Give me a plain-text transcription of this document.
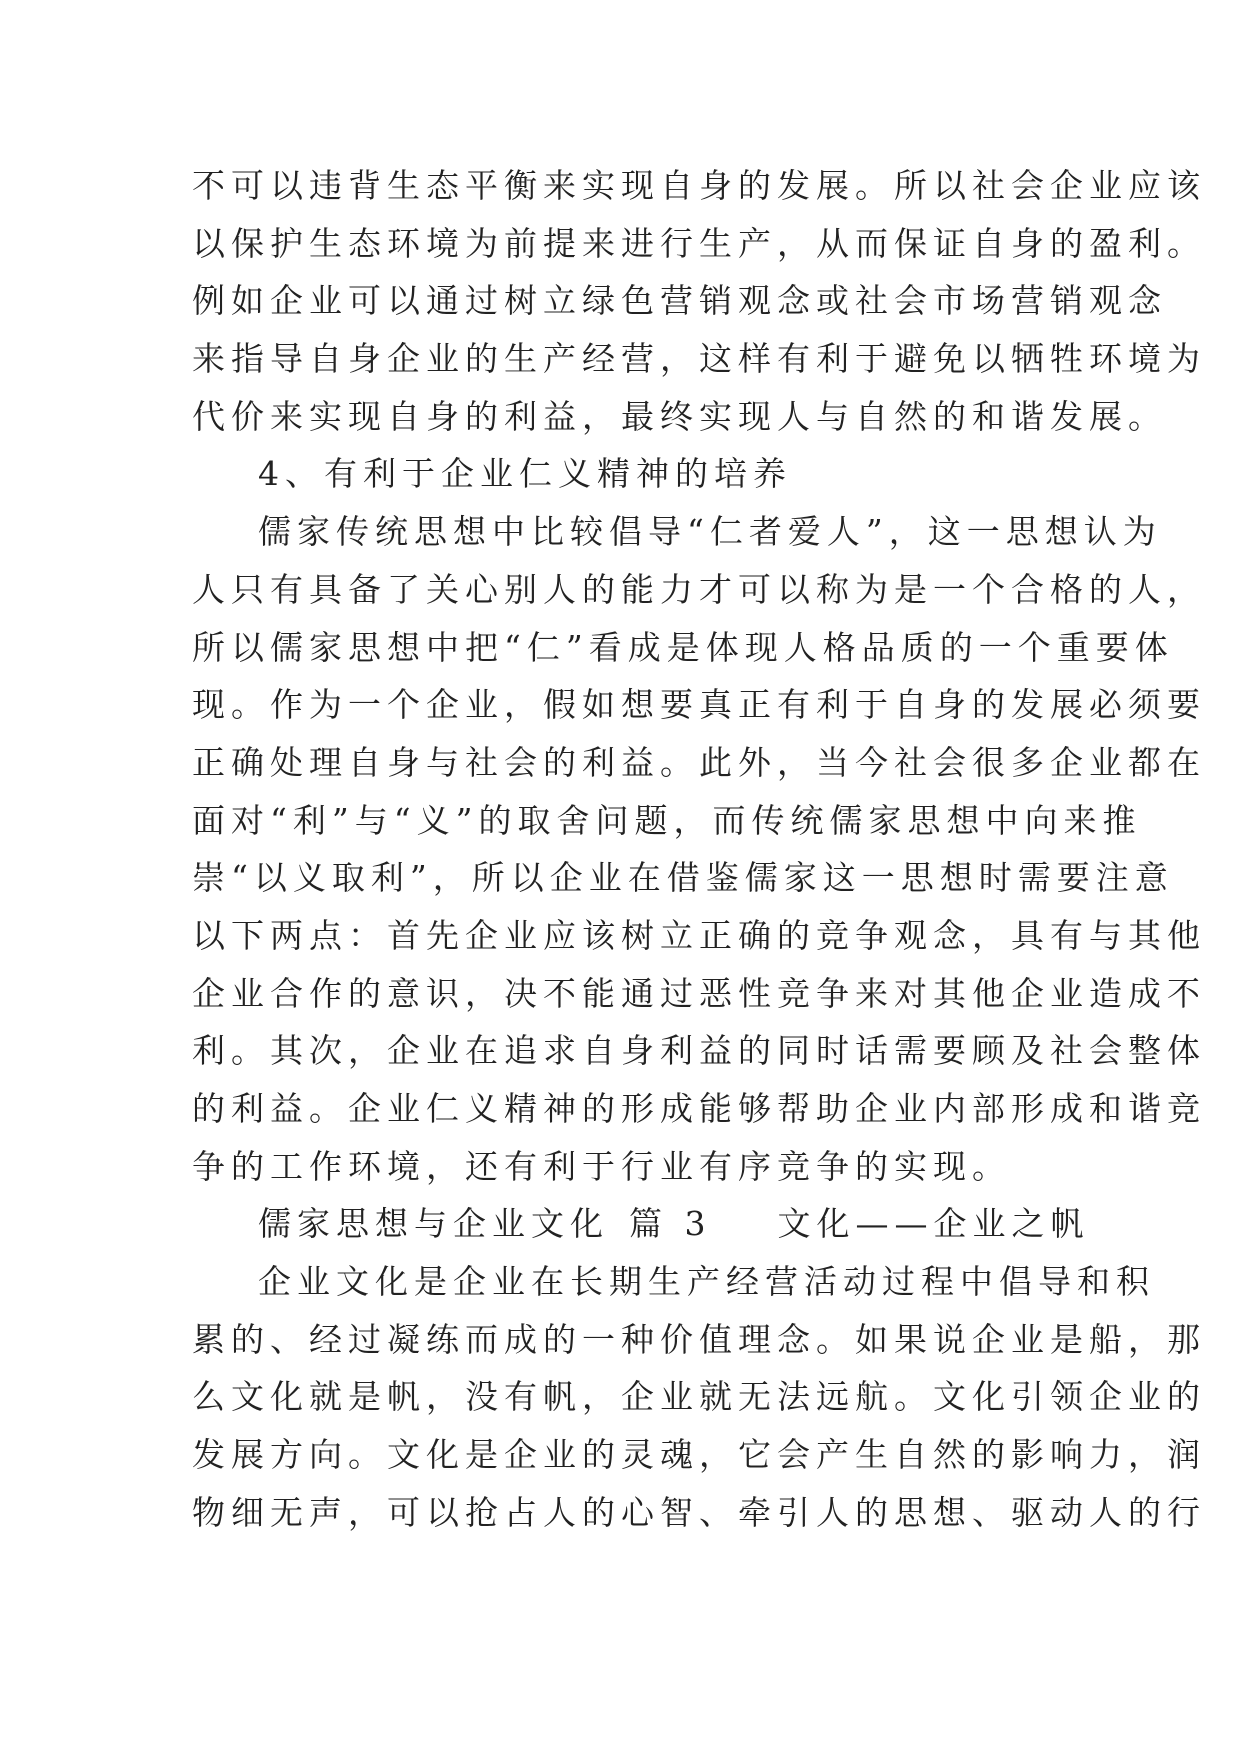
不可以违背生态平衡来实现自身的发展。所以社会企业应该
以保护生态环境为前提来进行生产，从而保证自身的盈利。
例如企业可以通过树立绿色营销观念或社会市场营销观念
来指导自身企业的生产经营，这样有利于避免以牺牲环境为
代价来实现自身的利益，最终实现人与自然的和谐发展。
4、有利于企业仁义精神的培养
儒家传统思想中比较倡导“仁者爱人”，这一思想认为
人只有具备了关心别人的能力才可以称为是一个合格的人，
所以儒家思想中把“仁”看成是体现人格品质的一个重要体
现。作为一个企业，假如想要真正有利于自身的发展必须要
正确处理自身与社会的利益。此外，当今社会很多企业都在
面对“利”与“义”的取舍问题，而传统儒家思想中向来推
崇“以义取利”，所以企业在借鉴儒家这一思想时需要注意
以下两点：首先企业应该树立正确的竞争观念，具有与其他
企业合作的意识，决不能通过恶性竞争来对其他企业造成不
利。其次，企业在追求自身利益的同时话需要顾及社会整体
的利益。企业仁义精神的形成能够帮助企业内部形成和谐竞
争的工作环境，还有利于行业有序竞争的实现。
儒家思想与企业文化 篇 3 文化——企业之帆
企业文化是企业在长期生产经营活动过程中倡导和积
累的、经过凝练而成的一种价值理念。如果说企业是船，那
么文化就是帆，没有帆，企业就无法远航。文化引领企业的
发展方向。文化是企业的灵魂，它会产生自然的影响力，润
物细无声，可以抢占人的心智、牵引人的思想、驱动人的行
